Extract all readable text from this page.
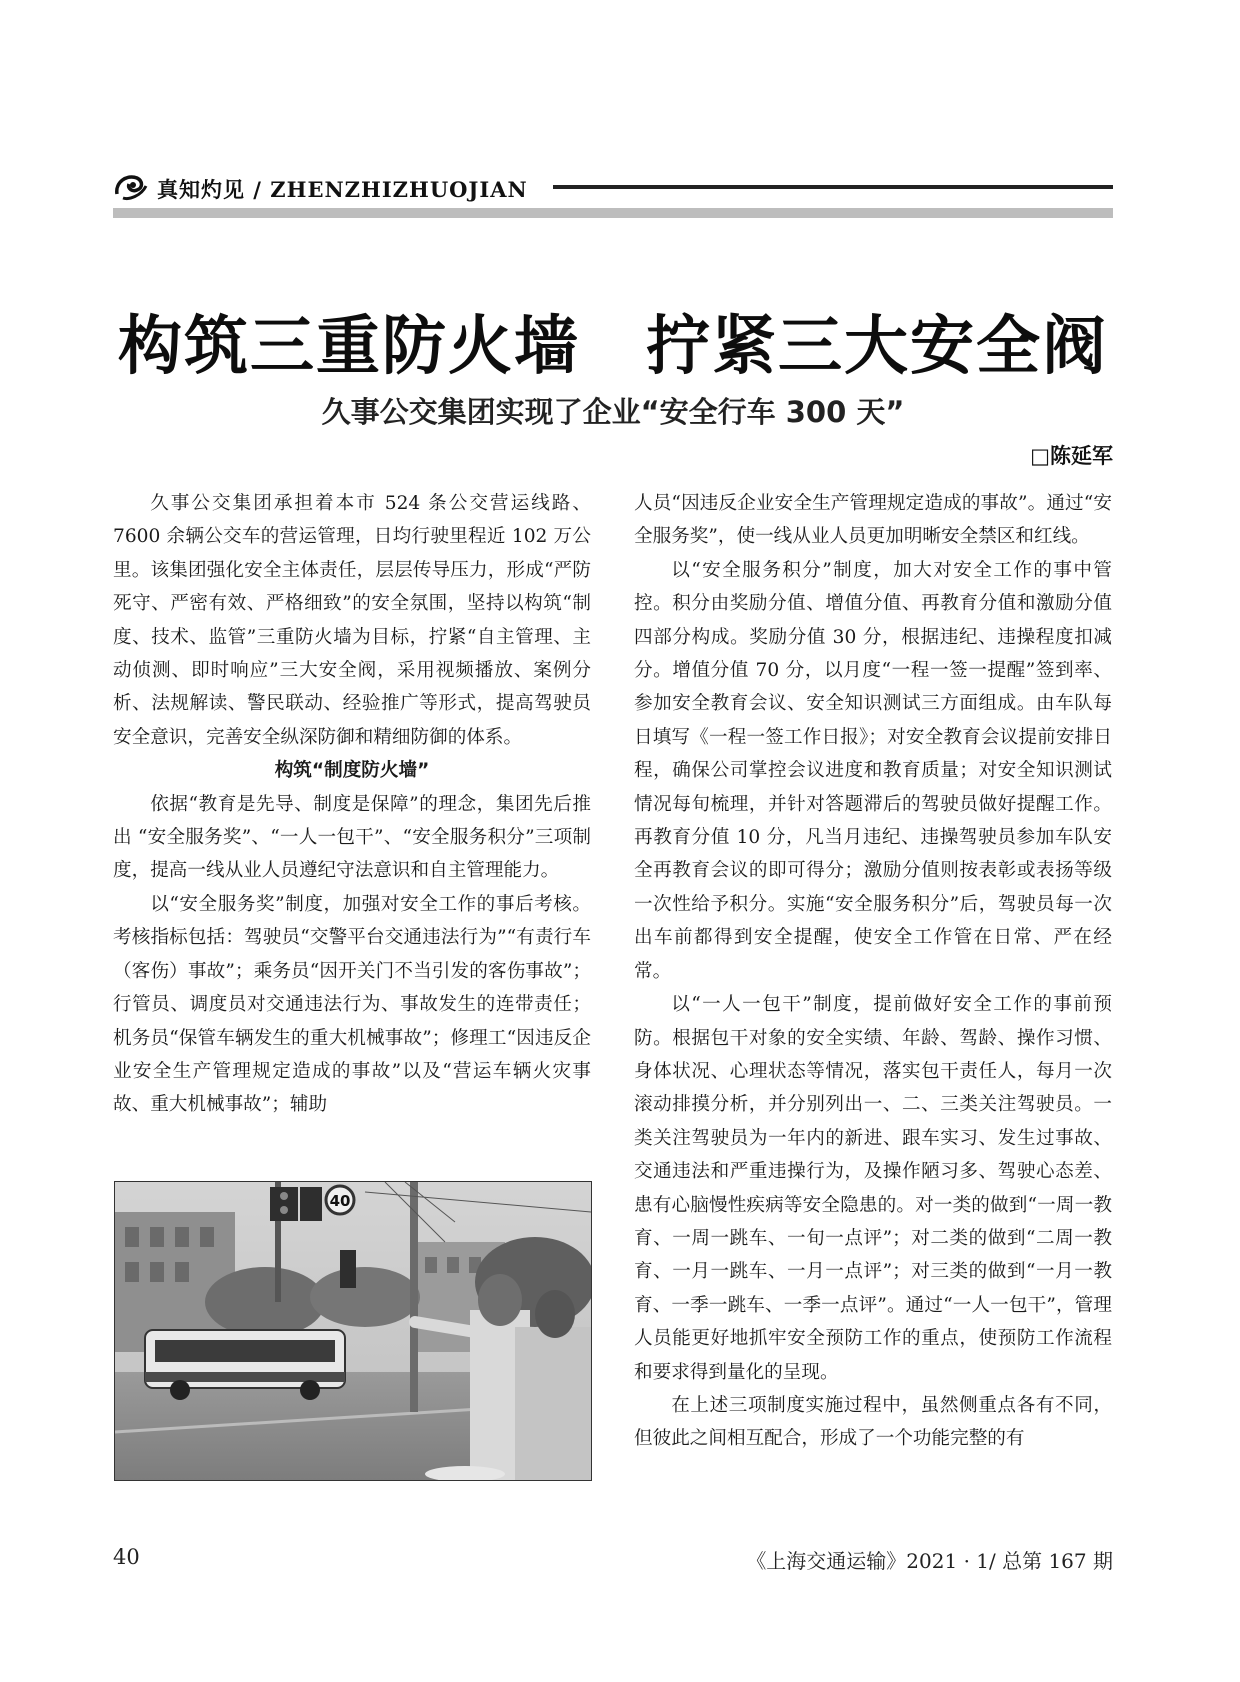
真知灼见 / ZHENZHIZHUOJIAN
构筑三重防火墙　拧紧三大安全阀
久事公交集团实现了企业“安全行车 300 天”
□陈延军

久事公交集团承担着本市 524 条公交营运线路、7600 余辆公交车的营运管理，日均行驶里程近 102 万公里。该集团强化安全主体责任，层层传导压力，形成“严防死守、严密有效、严格细致”的安全氛围，坚持以构筑“制度、技术、监管”三重防火墙为目标，拧紧“自主管理、主动侦测、即时响应”三大安全阀，采用视频播放、案例分析、法规解读、警民联动、经验推广等形式，提高驾驶员安全意识，完善安全纵深防御和精细防御的体系。

构筑“制度防火墙”

依据“教育是先导、制度是保障”的理念，集团先后推出 “安全服务奖”、“一人一包干”、“安全服务积分”三项制度，提高一线从业人员遵纪守法意识和自主管理能力。

以“安全服务奖”制度，加强对安全工作的事后考核。考核指标包括：驾驶员“交警平台交通违法行为”“有责行车（客伤）事故”；乘务员“因开关门不当引发的客伤事故”；行管员、调度员对交通违法行为、事故发生的连带责任；机务员“保管车辆发生的重大机械事故”；修理工“因违反企业安全生产管理规定造成的事故”以及“营运车辆火灾事故、重大机械事故”；辅助

40

人员“因违反企业安全生产管理规定造成的事故”。通过“安全服务奖”，使一线从业人员更加明晰安全禁区和红线。

以“安全服务积分”制度，加大对安全工作的事中管控。积分由奖励分值、增值分值、再教育分值和激励分值四部分构成。奖励分值 30 分，根据违纪、违操程度扣减分。增值分值 70 分，以月度“一程一签一提醒”签到率、参加安全教育会议、安全知识测试三方面组成。由车队每日填写《一程一签工作日报》；对安全教育会议提前安排日程，确保公司掌控会议进度和教育质量；对安全知识测试情况每旬梳理，并针对答题滞后的驾驶员做好提醒工作。再教育分值 10 分，凡当月违纪、违操驾驶员参加车队安全再教育会议的即可得分；激励分值则按表彰或表扬等级一次性给予积分。实施“安全服务积分”后，驾驶员每一次出车前都得到安全提醒，使安全工作管在日常、严在经常。

以“一人一包干”制度，提前做好安全工作的事前预防。根据包干对象的安全实绩、年龄、驾龄、操作习惯、身体状况、心理状态等情况，落实包干责任人，每月一次滚动排摸分析，并分别列出一、二、三类关注驾驶员。一类关注驾驶员为一年内的新进、跟车实习、发生过事故、交通违法和严重违操行为，及操作陋习多、驾驶心态差、患有心脑慢性疾病等安全隐患的。对一类的做到“一周一教育、一周一跳车、一旬一点评”；对二类的做到“二周一教育、一月一跳车、一月一点评”；对三类的做到“一月一教育、一季一跳车、一季一点评”。通过“一人一包干”，管理人员能更好地抓牢安全预防工作的重点，使预防工作流程和要求得到量化的呈现。

在上述三项制度实施过程中，虽然侧重点各有不同，但彼此之间相互配合，形成了一个功能完整的有

40	《上海交通运输》2021 · 1/ 总第 167 期
